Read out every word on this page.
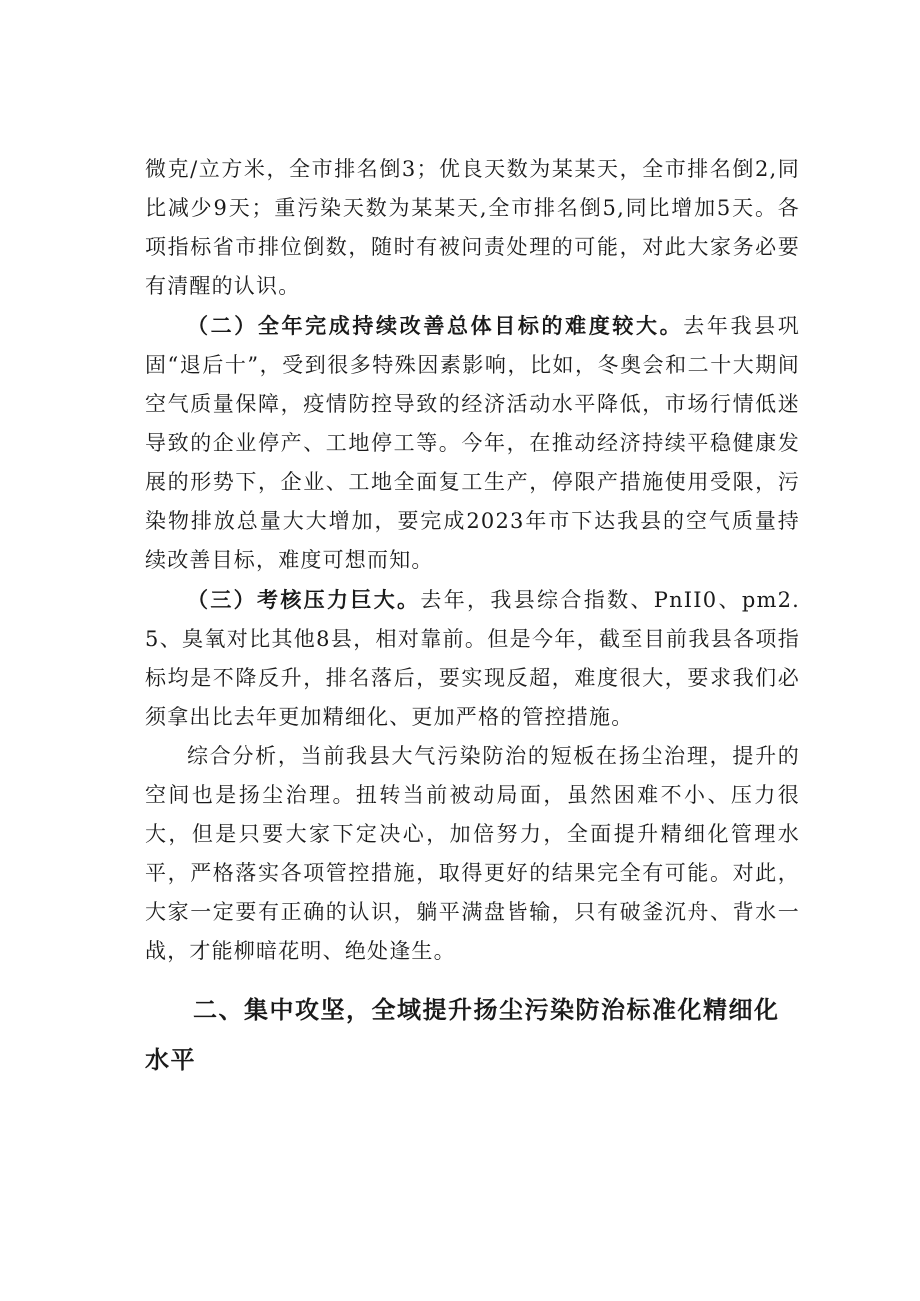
微克/立方米，全市排名倒3；优良天数为某某天，全市排名倒2,同比减少9天；重污染天数为某某天,全市排名倒5,同比增加5天。各项指标省市排位倒数，随时有被问责处理的可能，对此大家务必要有清醒的认识。

（二）全年完成持续改善总体目标的难度较大。去年我县巩固“退后十”，受到很多特殊因素影响，比如，冬奥会和二十大期间空气质量保障，疫情防控导致的经济活动水平降低，市场行情低迷导致的企业停产、工地停工等。今年，在推动经济持续平稳健康发展的形势下，企业、工地全面复工生产，停限产措施使用受限，污染物排放总量大大增加，要完成2023年市下达我县的空气质量持续改善目标，难度可想而知。

（三）考核压力巨大。去年，我县综合指数、PnII0、pm2.5、臭氧对比其他8县，相对靠前。但是今年，截至目前我县各项指标均是不降反升，排名落后，要实现反超，难度很大，要求我们必须拿出比去年更加精细化、更加严格的管控措施。

综合分析，当前我县大气污染防治的短板在扬尘治理，提升的空间也是扬尘治理。扭转当前被动局面，虽然困难不小、压力很大，但是只要大家下定决心，加倍努力，全面提升精细化管理水平，严格落实各项管控措施，取得更好的结果完全有可能。对此，大家一定要有正确的认识，躺平满盘皆输，只有破釜沉舟、背水一战，才能柳暗花明、绝处逢生。

二、集中攻坚，全域提升扬尘污染防治标准化精细化水平
